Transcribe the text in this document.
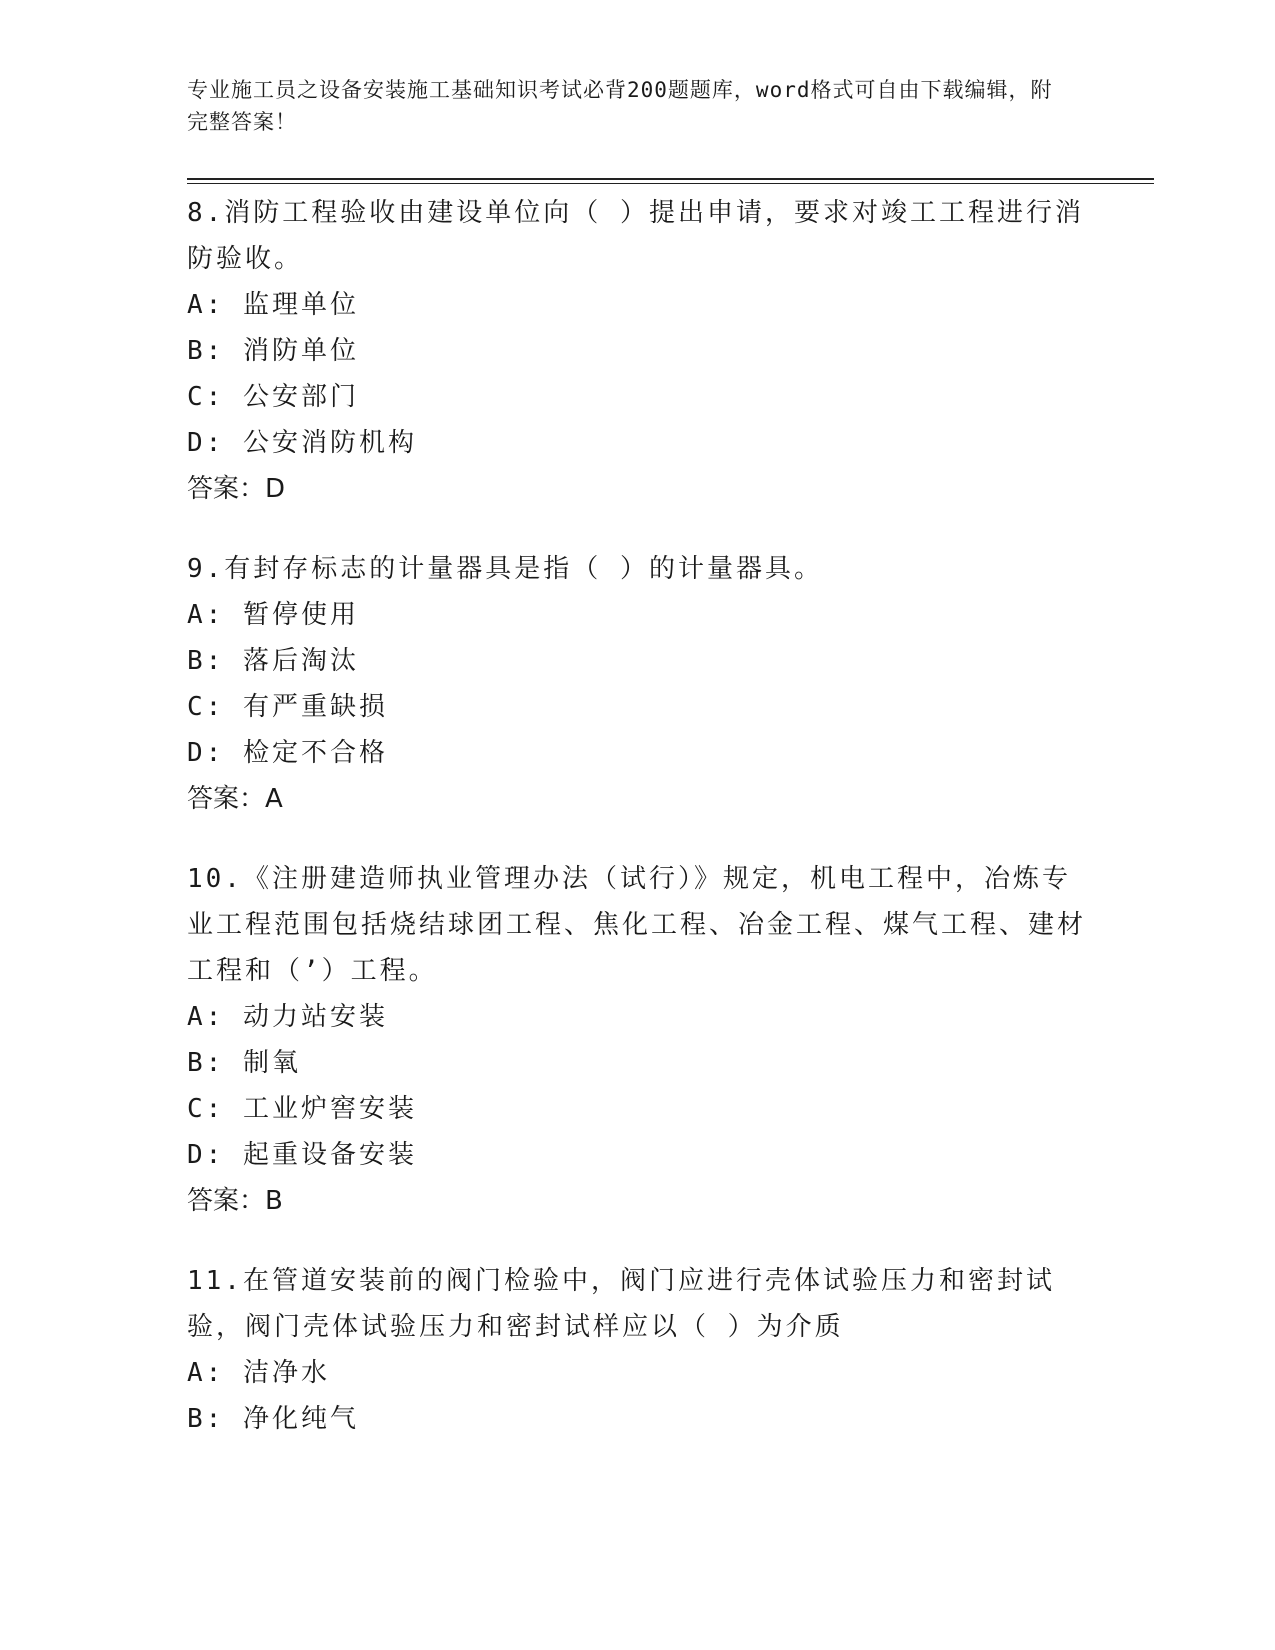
专业施工员之设备安装施工基础知识考试必背200题题库，word格式可自由下载编辑，附完整答案！

8.消防工程验收由建设单位向（ ）提出申请，要求对竣工工程进行消防验收。

A: 监理单位

B: 消防单位

C: 公安部门

D: 公安消防机构

答案：D

9.有封存标志的计量器具是指（ ）的计量器具。

A: 暂停使用

B: 落后淘汰

C: 有严重缺损

D: 检定不合格

答案：A

10.《注册建造师执业管理办法（试行）》规定，机电工程中，冶炼专业工程范围包括烧结球团工程、焦化工程、冶金工程、煤气工程、建材工程和（’）工程。

A: 动力站安装

B: 制氧

C: 工业炉窖安装

D: 起重设备安装

答案：B

11.在管道安装前的阀门检验中，阀门应进行壳体试验压力和密封试验，阀门壳体试验压力和密封试样应以（ ）为介质

A: 洁净水

B: 净化纯气
